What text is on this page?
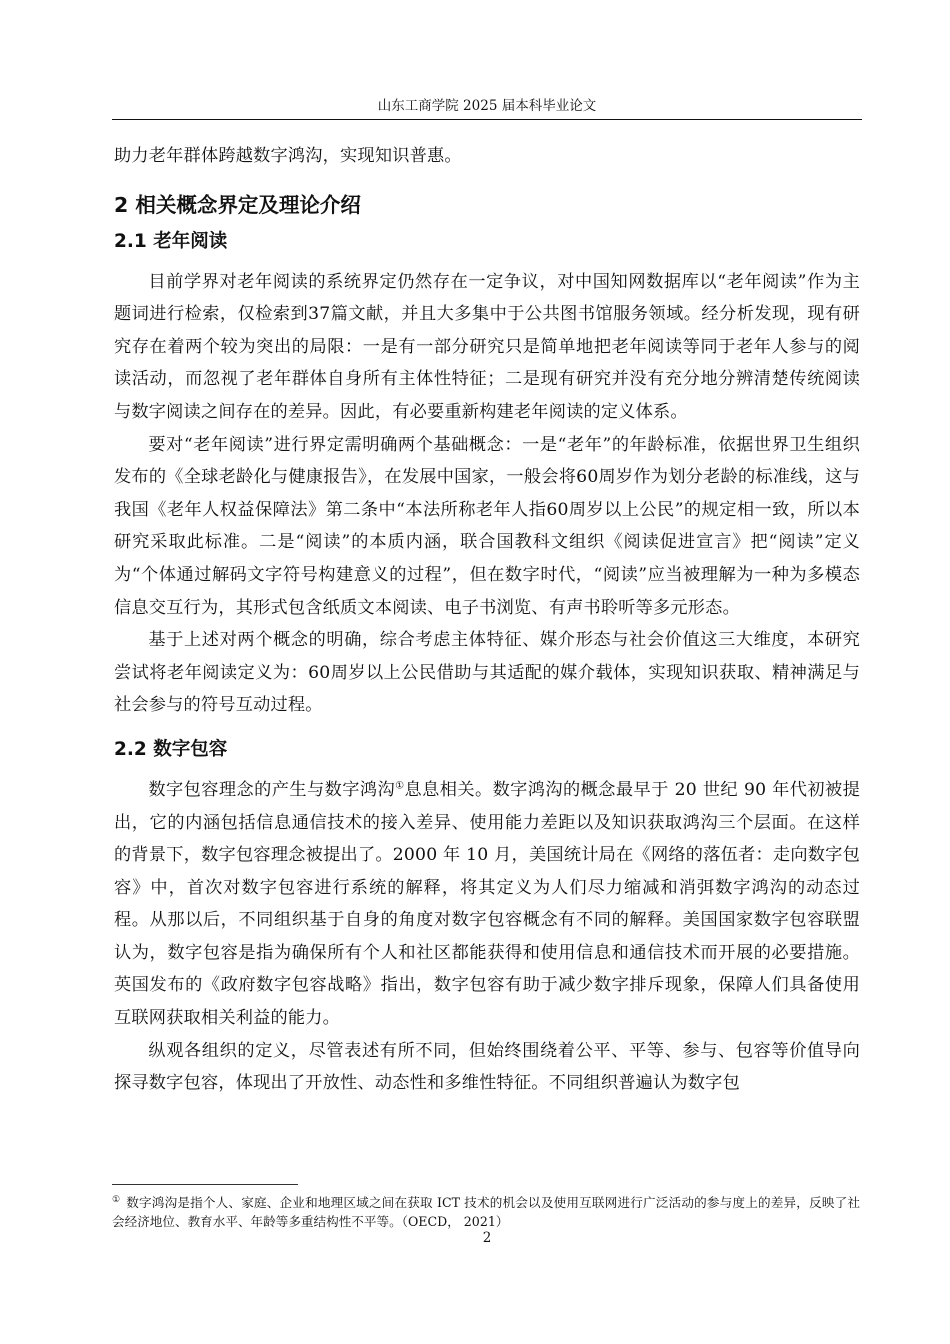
山东工商学院 2025 届本科毕业论文

助力老年群体跨越数字鸿沟，实现知识普惠。

2 相关概念界定及理论介绍
2.1 老年阅读

目前学界对老年阅读的系统界定仍然存在一定争议，对中国知网数据库以“老年阅读”作为主题词进行检索，仅检索到37篇文献，并且大多集中于公共图书馆服务领域。经分析发现，现有研究存在着两个较为突出的局限：一是有一部分研究只是简单地把老年阅读等同于老年人参与的阅读活动，而忽视了老年群体自身所有主体性特征；二是现有研究并没有充分地分辨清楚传统阅读与数字阅读之间存在的差异。因此，有必要重新构建老年阅读的定义体系。

要对“老年阅读”进行界定需明确两个基础概念：一是“老年”的年龄标准，依据世界卫生组织发布的《全球老龄化与健康报告》，在发展中国家，一般会将60周岁作为划分老龄的标准线，这与我国《老年人权益保障法》第二条中“本法所称老年人指60周岁以上公民”的规定相一致，所以本研究采取此标准。二是“阅读”的本质内涵，联合国教科文组织《阅读促进宣言》把“阅读”定义为“个体通过解码文字符号构建意义的过程”，但在数字时代，“阅读”应当被理解为一种为多模态信息交互行为，其形式包含纸质文本阅读、电子书浏览、有声书聆听等多元形态。

基于上述对两个概念的明确，综合考虑主体特征、媒介形态与社会价值这三大维度，本研究尝试将老年阅读定义为：60周岁以上公民借助与其适配的媒介载体，实现知识获取、精神满足与社会参与的符号互动过程。

2.2 数字包容

数字包容理念的产生与数字鸿沟①息息相关。数字鸿沟的概念最早于 20 世纪 90 年代初被提出，它的内涵包括信息通信技术的接入差异、使用能力差距以及知识获取鸿沟三个层面。在这样的背景下，数字包容理念被提出了。2000 年 10 月，美国统计局在《网络的落伍者：走向数字包容》中，首次对数字包容进行系统的解释，将其定义为人们尽力缩减和消弭数字鸿沟的动态过程。从那以后，不同组织基于自身的角度对数字包容概念有不同的解释。美国国家数字包容联盟认为，数字包容是指为确保所有个人和社区都能获得和使用信息和通信技术而开展的必要措施。英国发布的《政府数字包容战略》指出，数字包容有助于减少数字排斥现象，保障人们具备使用互联网获取相关利益的能力。

纵观各组织的定义，尽管表述有所不同，但始终围绕着公平、平等、参与、包容等价值导向探寻数字包容，体现出了开放性、动态性和多维性特征。不同组织普遍认为数字包

① 数字鸿沟是指个人、家庭、企业和地理区域之间在获取 ICT 技术的机会以及使用互联网进行广泛活动的参与度上的差异，反映了社会经济地位、教育水平、年龄等多重结构性不平等。（OECD， 2021）
2
